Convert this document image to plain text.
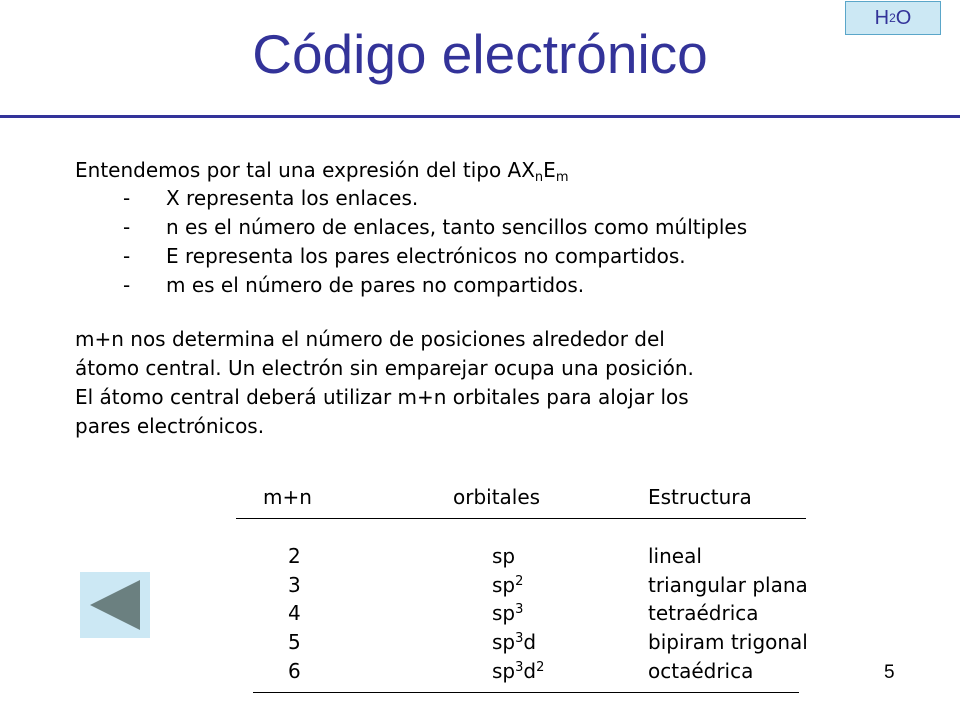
H 2 O
Código electrónico
Entendemos por tal una expresión del tipo $AX_nE_m$
- X representa los enlaces.
- n es el número de enlaces, tanto sencillos como múltiples
- E representa los pares electrónicos no compartidos.
- m es el número de pares no compartidos.
m+n nos determina el número de posiciones alrededor del
átomo central. Un electrón sin emparejar ocupa una posición.
El átomo central deberá utilizar m+n orbitales para alojar los
pares electrónicos.
m+n	orbitales	Estructura
2	sp	lineal
3	$sp^2$	triangular plana
4	$sp^3$	tetraédrica
5	$sp^3d$	bipiram trigonal
6	$sp^3d^2$	octaédrica	5
